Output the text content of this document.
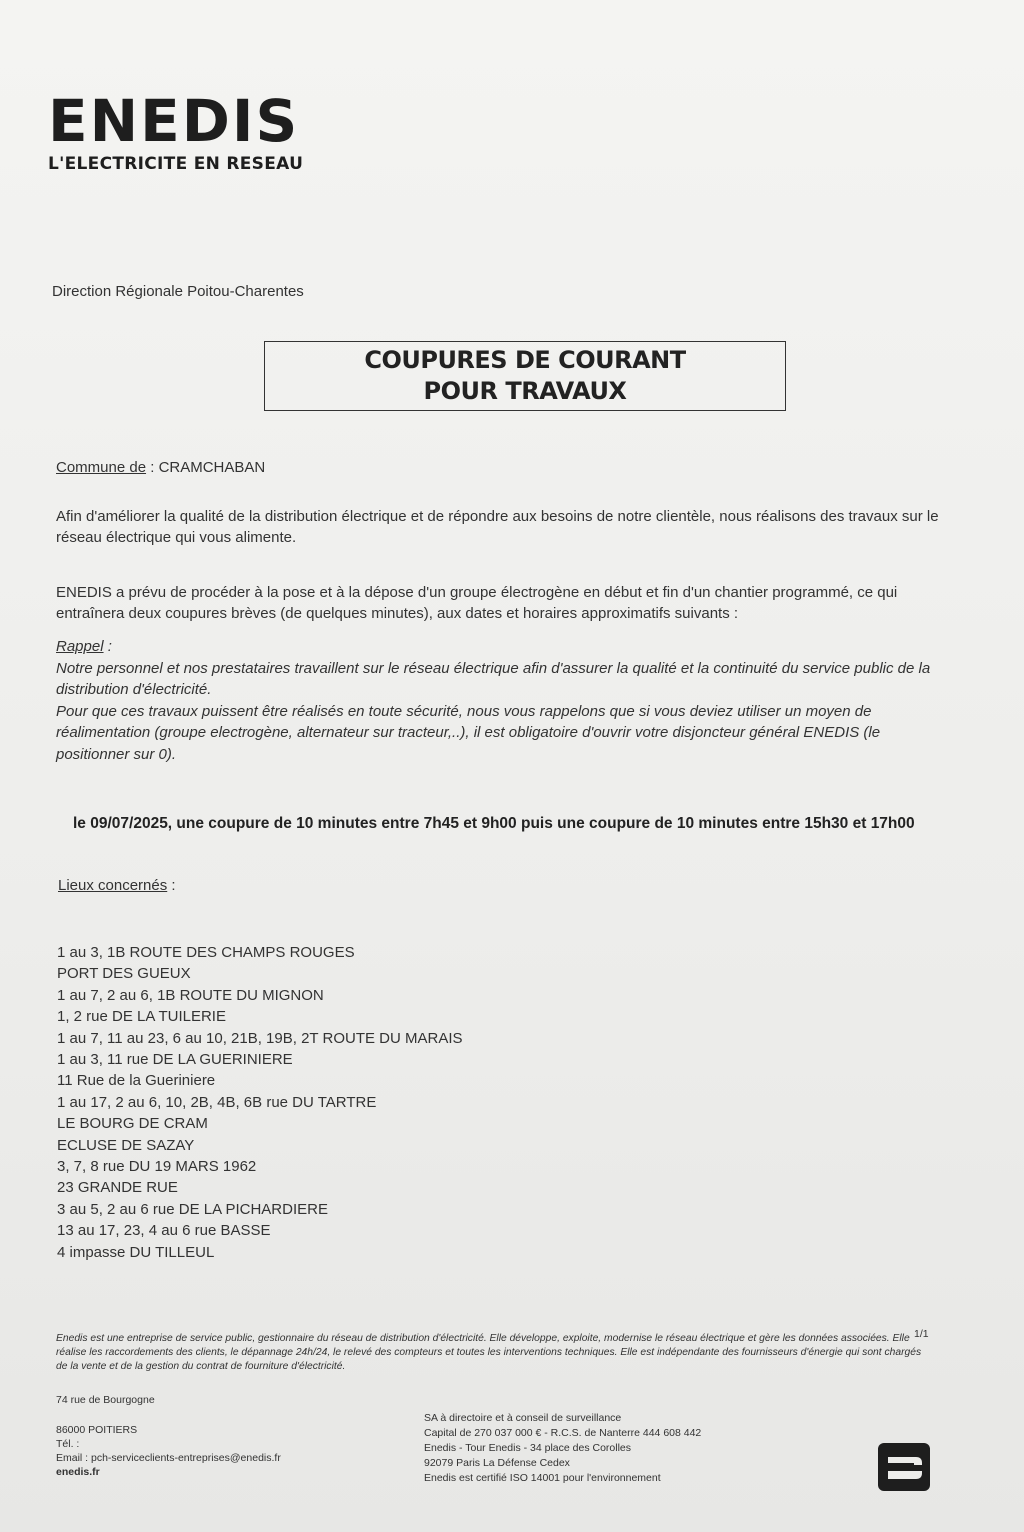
ENEDIS
L'ELECTRICITE EN RESEAU
Direction Régionale Poitou-Charentes
COUPURES DE COURANT
POUR TRAVAUX
Commune de : CRAMCHABAN
Afin d'améliorer la qualité de la distribution électrique et de répondre aux besoins de notre clientèle, nous réalisons des travaux sur le réseau électrique qui vous alimente.
ENEDIS a prévu de procéder à la pose et à la dépose d'un groupe électrogène en début et fin d'un chantier programmé, ce qui entraînera deux coupures brèves (de quelques minutes), aux dates et horaires approximatifs suivants :
Rappel :
Notre personnel et nos prestataires travaillent sur le réseau électrique afin d'assurer la qualité et la continuité du service public de la distribution d'électricité.
Pour que ces travaux puissent être réalisés en toute sécurité, nous vous rappelons que si vous deviez utiliser un moyen de réalimentation (groupe electrogène, alternateur sur tracteur,..), il est obligatoire d'ouvrir votre disjoncteur général ENEDIS (le positionner sur 0).
le 09/07/2025, une coupure de 10 minutes entre 7h45 et 9h00 puis une coupure de 10 minutes entre 15h30 et 17h00
Lieux concernés :
1 au 3, 1B ROUTE DES CHAMPS ROUGES
PORT DES GUEUX
1 au 7, 2 au 6, 1B ROUTE DU MIGNON
1, 2 rue DE LA TUILERIE
1 au 7, 11 au 23, 6 au 10, 21B, 19B, 2T ROUTE DU MARAIS
1 au 3, 11 rue DE LA GUERINIERE
11 Rue de la Gueriniere
1 au 17, 2 au 6, 10, 2B, 4B, 6B rue DU TARTRE
LE BOURG DE CRAM
ECLUSE DE SAZAY
3, 7, 8 rue DU 19 MARS 1962
23 GRANDE RUE
3 au 5, 2 au 6 rue DE LA PICHARDIERE
13 au 17, 23, 4 au 6 rue BASSE
4 impasse DU TILLEUL
1/1
Enedis est une entreprise de service public, gestionnaire du réseau de distribution d'électricité. Elle développe, exploite, modernise le réseau électrique et gère les données associées. Elle réalise les raccordements des clients, le dépannage 24h/24, le relevé des compteurs et toutes les interventions techniques. Elle est indépendante des fournisseurs d'énergie qui sont chargés de la vente et de la gestion du contrat de fourniture d'électricité.
74 rue de Bourgogne
86000 POITIERS
Tél. :
Email : pch-serviceclients-entreprises@enedis.fr
enedis.fr
SA à directoire et à conseil de surveillance
Capital de 270 037 000 € - R.C.S. de Nanterre 444 608 442
Enedis - Tour Enedis - 34 place des Corolles
92079 Paris La Défense Cedex
Enedis est certifié ISO 14001 pour l'environnement
